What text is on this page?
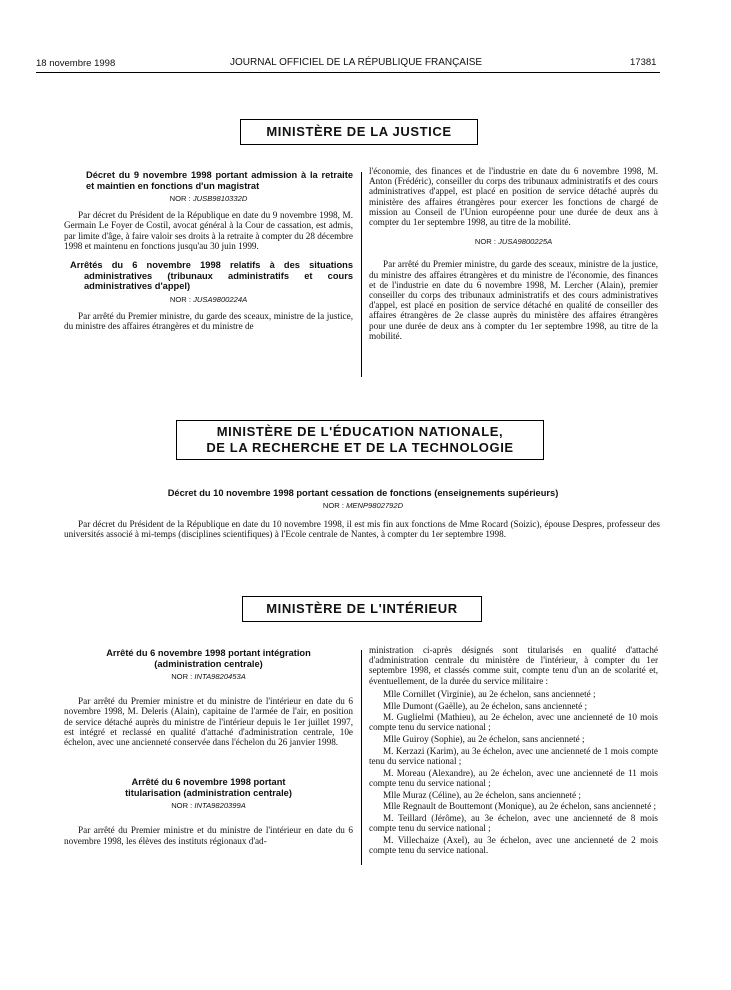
18 novembre 1998	JOURNAL OFFICIEL DE LA RÉPUBLIQUE FRANÇAISE	17381
MINISTÈRE DE LA JUSTICE
Décret du 9 novembre 1998 portant admission à la retraite et maintien en fonctions d'un magistrat
NOR : JUSB9810332D

Par décret du Président de la République en date du 9 novembre 1998, M. Germain Le Foyer de Costil, avocat général à la Cour de cassation, est admis, par limite d'âge, à faire valoir ses droits à la retraite à compter du 28 décembre 1998 et maintenu en fonctions jusqu'au 30 juin 1999.

Arrêtés du 6 novembre 1998 relatifs à des situations administratives (tribunaux administratifs et cours administratives d'appel)
NOR : JUSA9800224A

Par arrêté du Premier ministre, du garde des sceaux, ministre de la justice, du ministre des affaires étrangères et du ministre de

l'économie, des finances et de l'industrie en date du 6 novembre 1998, M. Anton (Frédéric), conseiller du corps des tribunaux administratifs et des cours administratives d'appel, est placé en position de service détaché auprès du ministère des affaires étrangères pour exercer les fonctions de chargé de mission au Conseil de l'Union européenne pour une durée de deux ans à compter du 1er septembre 1998, au titre de la mobilité.

NOR : JUSA9800225A

Par arrêté du Premier ministre, du garde des sceaux, ministre de la justice, du ministre des affaires étrangères et du ministre de l'économie, des finances et de l'industrie en date du 6 novembre 1998, M. Lercher (Alain), premier conseiller du corps des tribunaux administratifs et des cours administratives d'appel, est placé en position de service détaché en qualité de conseiller des affaires étrangères de 2e classe auprès du ministère des affaires étrangères pour une durée de deux ans à compter du 1er septembre 1998, au titre de la mobilité.

MINISTÈRE DE L'ÉDUCATION NATIONALE,
DE LA RECHERCHE ET DE LA TECHNOLOGIE
Décret du 10 novembre 1998 portant cessation de fonctions (enseignements supérieurs)
NOR : MENP9802792D

Par décret du Président de la République en date du 10 novembre 1998, il est mis fin aux fonctions de Mme Rocard (Soizic), épouse Despres, professeur des universités associé à mi-temps (disciplines scientifiques) à l'Ecole centrale de Nantes, à compter du 1er septembre 1998.

MINISTÈRE DE L'INTÉRIEUR
Arrêté du 6 novembre 1998 portant intégration (administration centrale)
NOR : INTA9820453A

Par arrêté du Premier ministre et du ministre de l'intérieur en date du 6 novembre 1998, M. Deleris (Alain), capitaine de l'armée de l'air, en position de service détaché auprès du ministre de l'intérieur depuis le 1er juillet 1997, est intégré et reclassé en qualité d'attaché d'administration centrale, 10e échelon, avec une ancienneté conservée dans l'échelon du 26 janvier 1998.

Arrêté du 6 novembre 1998 portant titularisation (administration centrale)
NOR : INTA9820399A

Par arrêté du Premier ministre et du ministre de l'intérieur en date du 6 novembre 1998, les élèves des instituts régionaux d'ad-

ministration ci-après désignés sont titularisés en qualité d'attaché d'administration centrale du ministère de l'intérieur, à compter du 1er septembre 1998, et classés comme suit, compte tenu d'un an de scolarité et, éventuellement, de la durée du service militaire :

Mlle Cornillet (Virginie), au 2e échelon, sans ancienneté ;

Mlle Dumont (Gaëlle), au 2e échelon, sans ancienneté ;

M. Guglielmi (Mathieu), au 2e échelon, avec une ancienneté de 10 mois compte tenu du service national ;

Mlle Guiroy (Sophie), au 2e échelon, sans ancienneté ;

M. Kerzazi (Karim), au 3e échelon, avec une ancienneté de 1 mois compte tenu du service national ;

M. Moreau (Alexandre), au 2e échelon, avec une ancienneté de 11 mois compte tenu du service national ;

Mlle Muraz (Céline), au 2e échelon, sans ancienneté ;

Mlle Regnault de Bouttemont (Monique), au 2e échelon, sans ancienneté ;

M. Teillard (Jérôme), au 3e échelon, avec une ancienneté de 8 mois compte tenu du service national ;

M. Villechaize (Axel), au 3e échelon, avec une ancienneté de 2 mois compte tenu du service national.
